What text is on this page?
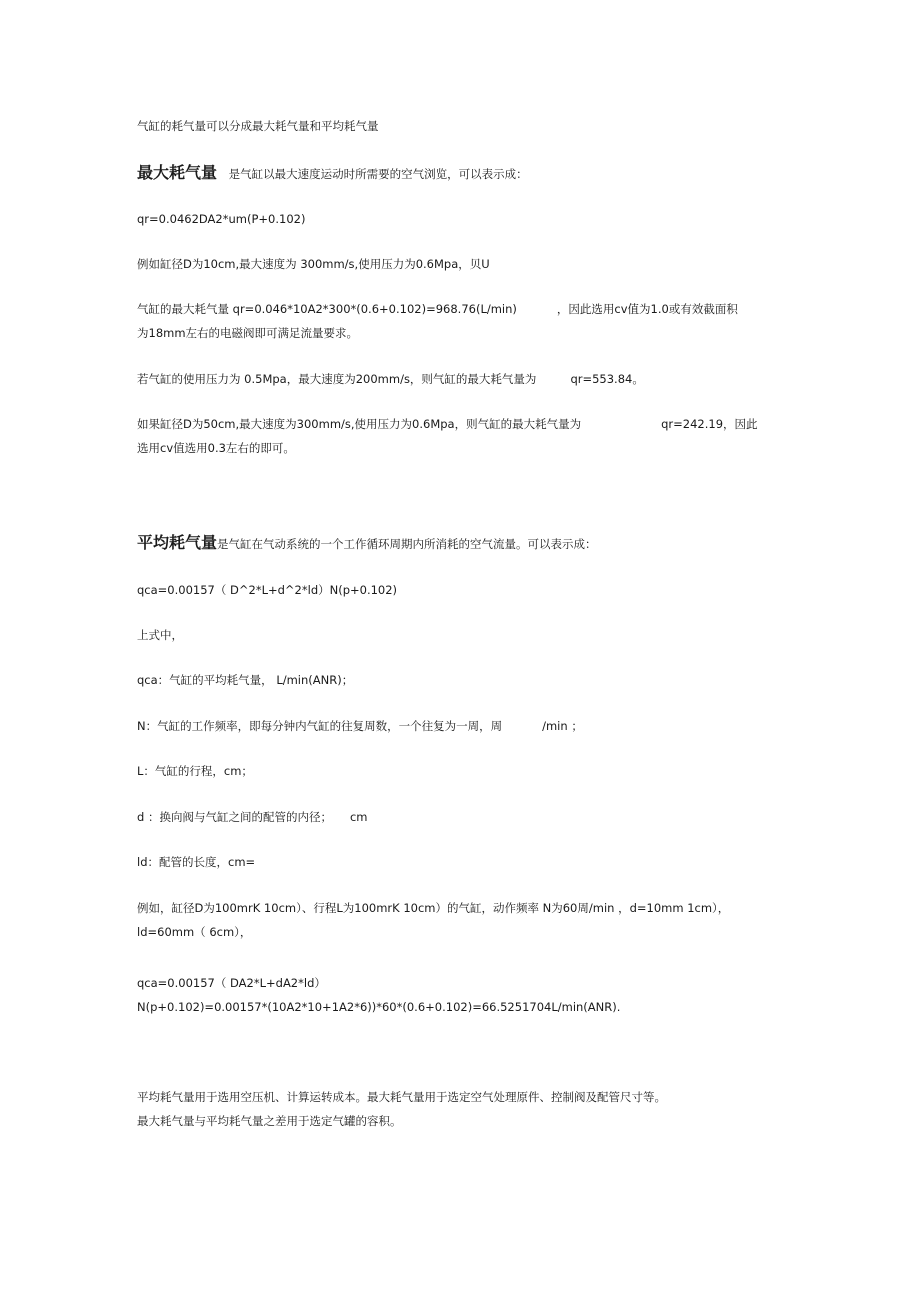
气缸的耗气量可以分成最大耗气量和平均耗气量
最大耗气量 是气缸以最大速度运动时所需要的空气浏览，可以表示成：
qr=0.0462DA2*um(P+0.102)
例如缸径D为10cm,最大速度为 300mm/s,使用压力为0.6Mpa，贝U
气缸的最大耗气量 qr=0.046*10A2*300*(0.6+0.102)=968.76(L/min)	，因此选用cv值为1.0或有效截面积
为18mm左右的电磁阀即可满足流量要求。
若气缸的使用压力为 0.5Mpa，最大速度为200mm/s，则气缸的最大耗气量为	qr=553.84。
如果缸径D为50cm,最大速度为300mm/s,使用压力为0.6Mpa，则气缸的最大耗气量为	qr=242.19，因此
选用cv值选用0.3左右的即可。
平均耗气量是气缸在气动系统的一个工作循环周期内所消耗的空气流量。可以表示成：
qca=0.00157（ D^2*L+d^2*ld）N(p+0.102)
上式中，
qca：气缸的平均耗气量， L/min(ANR)；
N：气缸的工作频率，即每分钟内气缸的往复周数，一个往复为一周，周	/min ；
L：气缸的行程，cm；
d ：换向阀与气缸之间的配管的内径； cm
ld：配管的长度，cm=
例如，缸径D为100mrK 10cm）、行程L为100mrK 10cm）的气缸，动作频率 N为60周/min ，d=10mm 1cm），
ld=60mm（ 6cm），
qca=0.00157（ DA2*L+dA2*ld）
N(p+0.102)=0.00157*(10A2*10+1A2*6))*60*(0.6+0.102)=66.5251704L/min(ANR).
平均耗气量用于选用空压机、计算运转成本。最大耗气量用于选定空气处理原件、控制阀及配管尺寸等。
最大耗气量与平均耗气量之差用于选定气罐的容积。
